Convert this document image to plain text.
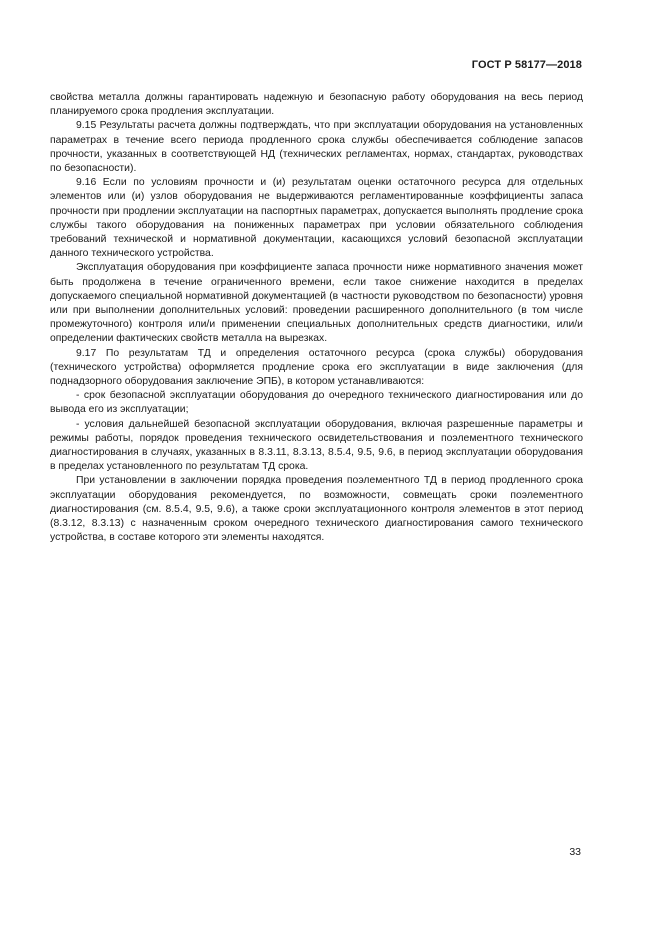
ГОСТ Р 58177—2018

свойства металла должны гарантировать надежную и безопасную работу оборудования на весь период планируемого срока продления эксплуатации.

9.15 Результаты расчета должны подтверждать, что при эксплуатации оборудования на установленных параметрах в течение всего периода продленного срока службы обеспечивается соблюдение запасов прочности, указанных в соответствующей НД (технических регламентах, нормах, стандартах, руководствах по безопасности).

9.16 Если по условиям прочности и (и) результатам оценки остаточного ресурса для отдельных элементов или (и) узлов оборудования не выдерживаются регламентированные коэффициенты запаса прочности при продлении эксплуатации на паспортных параметрах, допускается выполнять продление срока службы такого оборудования на пониженных параметрах при условии обязательного соблюдения требований технической и нормативной документации, касающихся условий безопасной эксплуатации данного технического устройства.

Эксплуатация оборудования при коэффициенте запаса прочности ниже нормативного значения может быть продолжена в течение ограниченного времени, если такое снижение находится в пределах допускаемого специальной нормативной документацией (в частности руководством по безопасности) уровня или при выполнении дополнительных условий: проведении расширенного дополнительного (в том числе промежуточного) контроля или/и применении специальных дополнительных средств диагностики, или/и определении фактических свойств металла на вырезках.

9.17 По результатам ТД и определения остаточного ресурса (срока службы) оборудования (технического устройства) оформляется продление срока его эксплуатации в виде заключения (для поднадзорного оборудования заключение ЭПБ), в котором устанавливаются:

- срок безопасной эксплуатации оборудования до очередного технического диагностирования или до вывода его из эксплуатации;

- условия дальнейшей безопасной эксплуатации оборудования, включая разрешенные параметры и режимы работы, порядок проведения технического освидетельствования и поэлементного технического диагностирования в случаях, указанных в 8.3.11, 8.3.13, 8.5.4, 9.5, 9.6, в период эксплуатации оборудования в пределах установленного по результатам ТД срока.

При установлении в заключении порядка проведения поэлементного ТД в период продленного срока эксплуатации оборудования рекомендуется, по возможности, совмещать сроки поэлементного диагностирования (см. 8.5.4, 9.5, 9.6), а также сроки эксплуатационного контроля элементов в этот период (8.3.12, 8.3.13) с назначенным сроком очередного технического диагностирования самого технического устройства, в составе которого эти элементы находятся.

33
